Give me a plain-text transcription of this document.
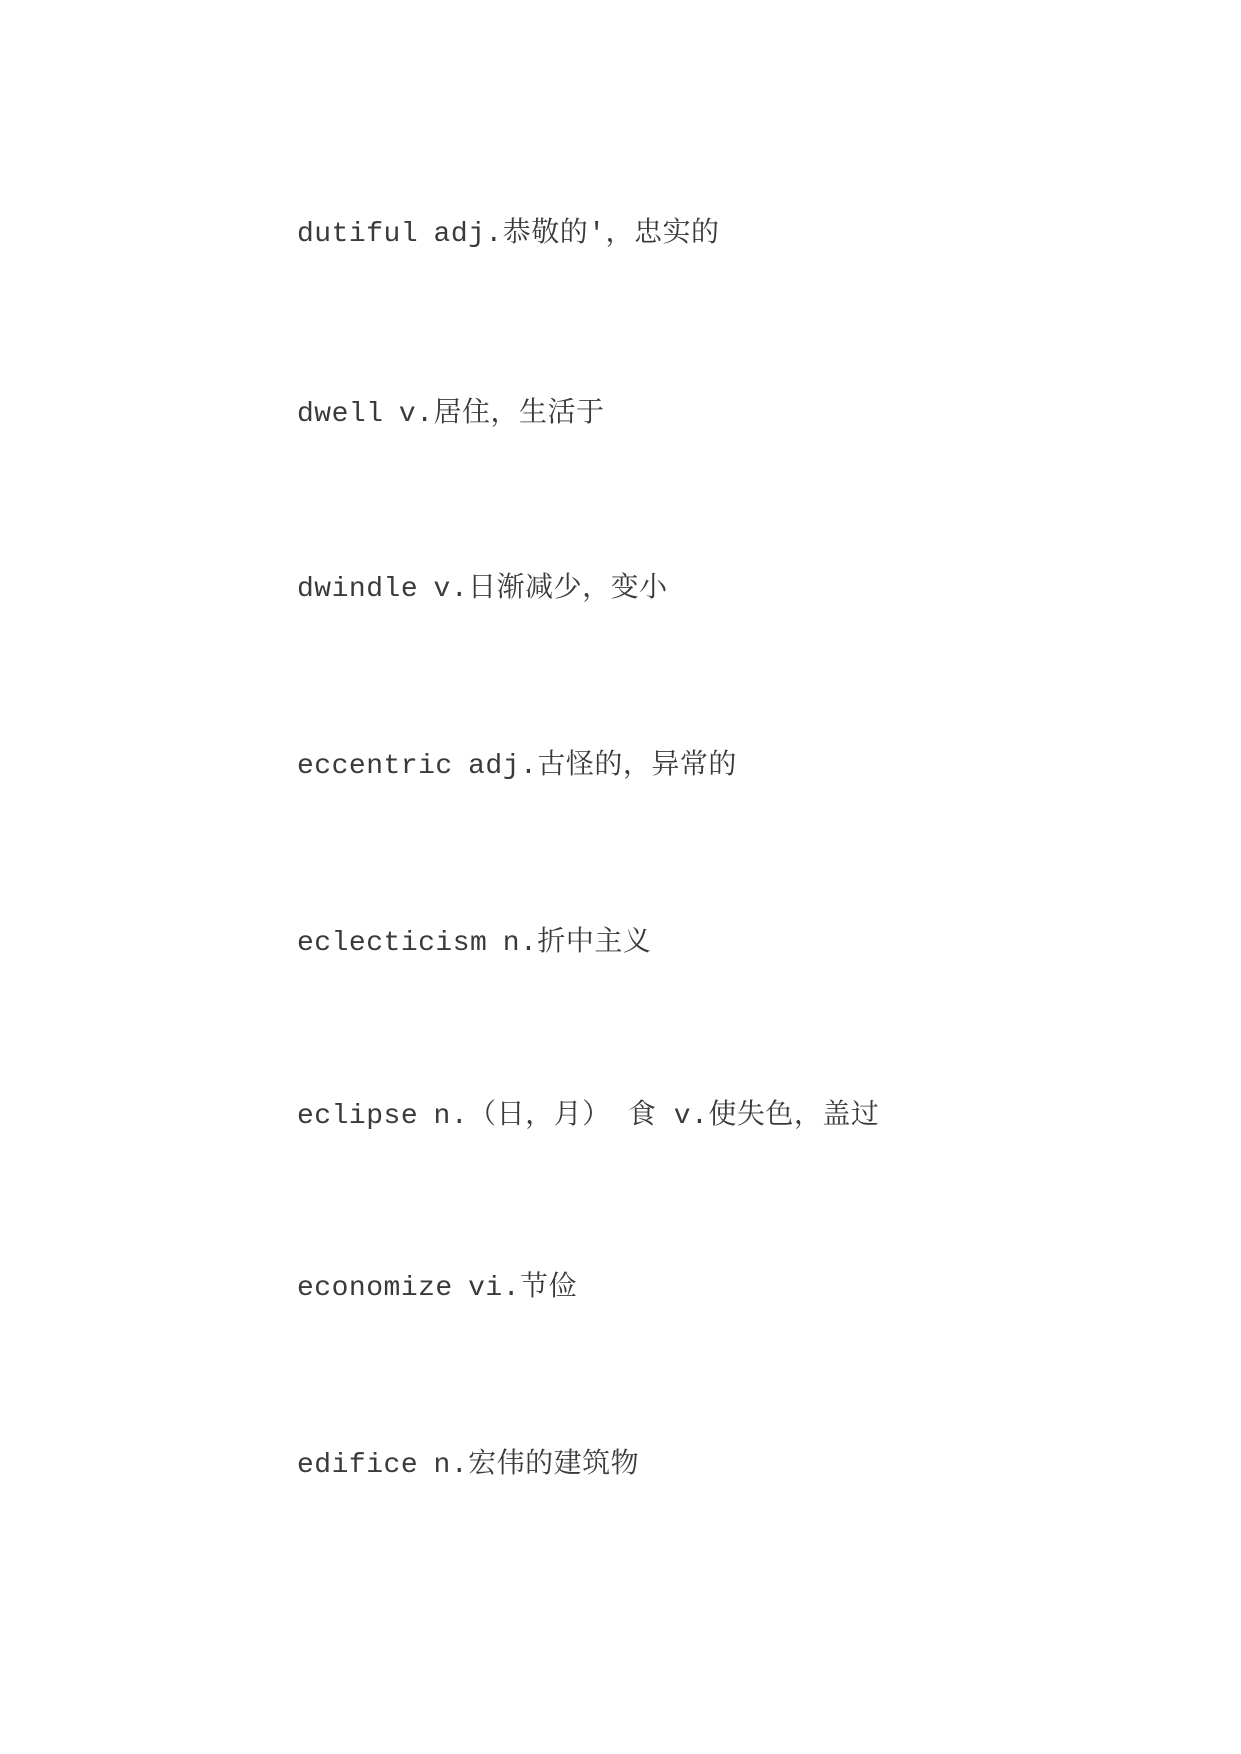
dutiful adj.恭敬的'，忠实的
dwell v.居住，生活于
dwindle v.日渐减少，变小
eccentric adj.古怪的，异常的
eclecticism n.折中主义
eclipse n.（日，月） 食 v.使失色，盖过
economize vi.节俭
edifice n.宏伟的建筑物
